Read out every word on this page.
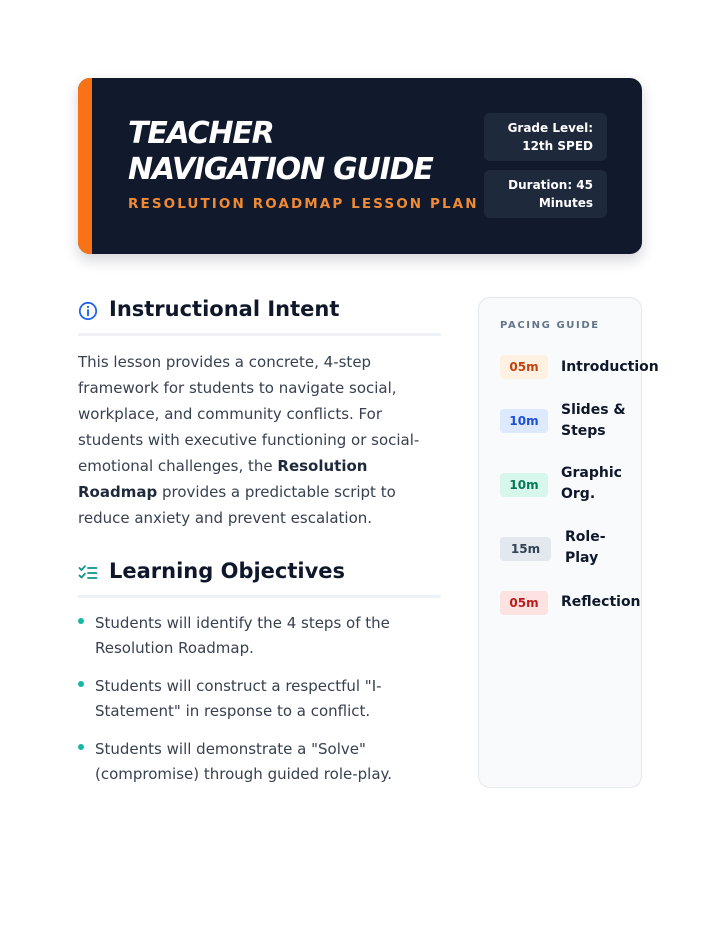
TEACHER NAVIGATION GUIDE
RESOLUTION ROADMAP LESSON PLAN
Grade Level: 12th SPED
Duration: 45 Minutes
Instructional Intent

This lesson provides a concrete, 4-step framework for students to navigate social, workplace, and community conflicts. For students with executive functioning or social-emotional challenges, the Resolution Roadmap provides a predictable script to reduce anxiety and prevent escalation.

Learning Objectives
Students will identify the 4 steps of the Resolution Roadmap.
Students will construct a respectful "I-Statement" in response to a conflict.
Students will demonstrate a "Solve" (compromise) through guided role-play.
PACING GUIDE
05m	Introduction
10m
Slides & Steps
10m
Graphic Org.
15m
Role-Play
05m	Reflection
